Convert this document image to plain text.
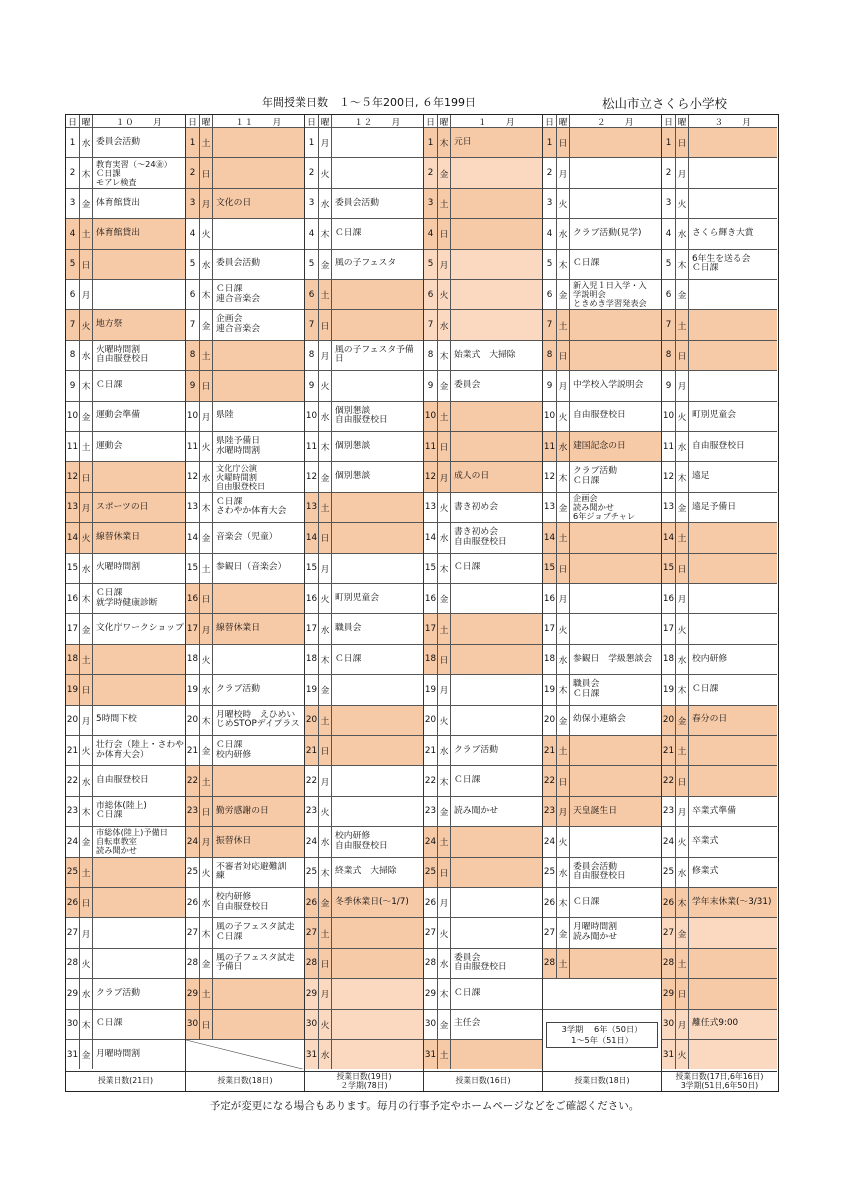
年間授業日数　１～５年200日, ６年199日	松山市立さくら小学校
日 曜	１０　　月
1 水 委員会活動
2 木
教育実習（～24㊎）
Ｃ日課
モアレ検査
3 金 体育館貸出
4 土 体育館貸出
5 日
6 月
7 火 地方祭
8 水
火曜時間割
自由服登校日
9 木 Ｃ日課
10 金 運動会準備
11 土 運動会
12 日
13 月 スポーツの日
14 火 線替休業日
15 水 火曜時間割
16 木
Ｃ日課
就学時健康診断
17 金 文化庁ワークショップ
18 土
19 日
20 月 5時間下校
21 火
壮行会（陸上・さわや
か体育大会）
22 水 自由服登校日
23 木
市総体(陸上)
Ｃ日課
24 金
市総体(陸上)予備日
自転車教室
読み聞かせ
25 土
26 日
27 月
28 火
29 水 クラブ活動
30 木 Ｃ日課
31 金 月曜時間割
授業日数(21日)
日 曜	１１　　月
1 土
2 日
3 月 文化の日
4 火
5 水 委員会活動
6 木
Ｃ日課
連合音楽会
7 金
企画会
連合音楽会
8 土
9 日
10 月 県陸
11 火
県陸予備日
水曜時間割
12 水
文化庁公演
火曜時間割
自由服登校日
13 木
Ｃ日課
さわやか体育大会
14 金 音楽会（児童）
15 土 参観日（音楽会）
16 日
17 月 線替休業日
18 火
19 水 クラブ活動
20 木
月曜校時　えひめい
じめSTOPデイプラス
21 金
Ｃ日課
校内研修
22 土
23 日 勤労感謝の日
24 月 振替休日
25 火
不審者対応避難訓
練
26 水
校内研修
自由服登校日
27 木
風の子フェスタ試走
Ｃ日課
28 金
風の子フェスタ試走
予備日
29 土
30 日
授業日数(18日)
日 曜	１２　　月
1 月
2 火
3 水 委員会活動
4 木 Ｃ日課
5 金 風の子フェスタ
6 土
7 日
8 月
風の子フェスタ予備
日
9 火
10 水
個別懇談
自由服登校日
11 木 個別懇談
12 金 個別懇談
13 土
14 日
15 月
16 火 町別児童会
17 水 職員会
18 木 Ｃ日課
19 金
20 土
21 日
22 月
23 火
24 水
校内研修
自由服登校日
25 木 終業式　大掃除
26 金 冬季休業日(～1/7)
27 土
28 日
29 月
30 火
31 水
授業日数(19日)
２学期(78日)
日 曜	１　　月
1 木 元日
2 金
3 土
4 日
5 月
6 火
7 水
8 木 始業式　大掃除
9 金 委員会
10 土
11 日
12 月 成人の日
13 火 書き初め会
14 水
書き初め会
自由服登校日
15 木 Ｃ日課
16 金
17 土
18 日
19 月
20 火
21 水 クラブ活動
22 木 Ｃ日課
23 金 読み聞かせ
24 土
25 日
26 月
27 火
28 水
委員会
自由服登校日
29 木 Ｃ日課
30 金 主任会
31 土
授業日数(16日)
日 曜	２　　月
1 日
2 月
3 火
4 水 クラブ活動(見学)
5 木 Ｃ日課
6 金
新入児１日入学・入
学説明会
ときめき学習発表会
7 土
8 日
9 月 中学校入学説明会
10 火 自由服登校日
11 水 建国記念の日
12 木
クラブ活動
Ｃ日課
13 金
企画会
読み聞かせ
6年ジョブチャレ
14 土
15 日
16 月
17 火
18 水 参観日　学級懇談会
19 木
職員会
Ｃ日課
20 金 幼保小連絡会
21 土
22 日
23 月 天皇誕生日
24 火
25 水
委員会活動
自由服登校日
26 木 Ｃ日課
27 金
月曜時間割
読み聞かせ
28 土
3学期　 6年（50日）
1～5年（51日）
授業日数(18日)
日 曜	３　　月
1 日
2 月
3 火
4 水 さくら輝き大賞
5 木
6年生を送る会
Ｃ日課
6 金
7 土
8 日
9 月
10 火 町別児童会
11 水 自由服登校日
12 木 遠足
13 金 遠足予備日
14 土
15 日
16 月
17 火
18 水 校内研修
19 木 Ｃ日課
20 金 春分の日
21 土
22 日
23 月 卒業式準備
24 火 卒業式
25 水 修業式
26 木 学年末休業(～3/31)
27 金
28 土
29 日
30 月 離任式9:00
31 火
授業日数(17日,6年16日)
3学期(51日,6年50日)
予定が変更になる場合もあります。毎月の行事予定やホームページなどをご確認ください。
